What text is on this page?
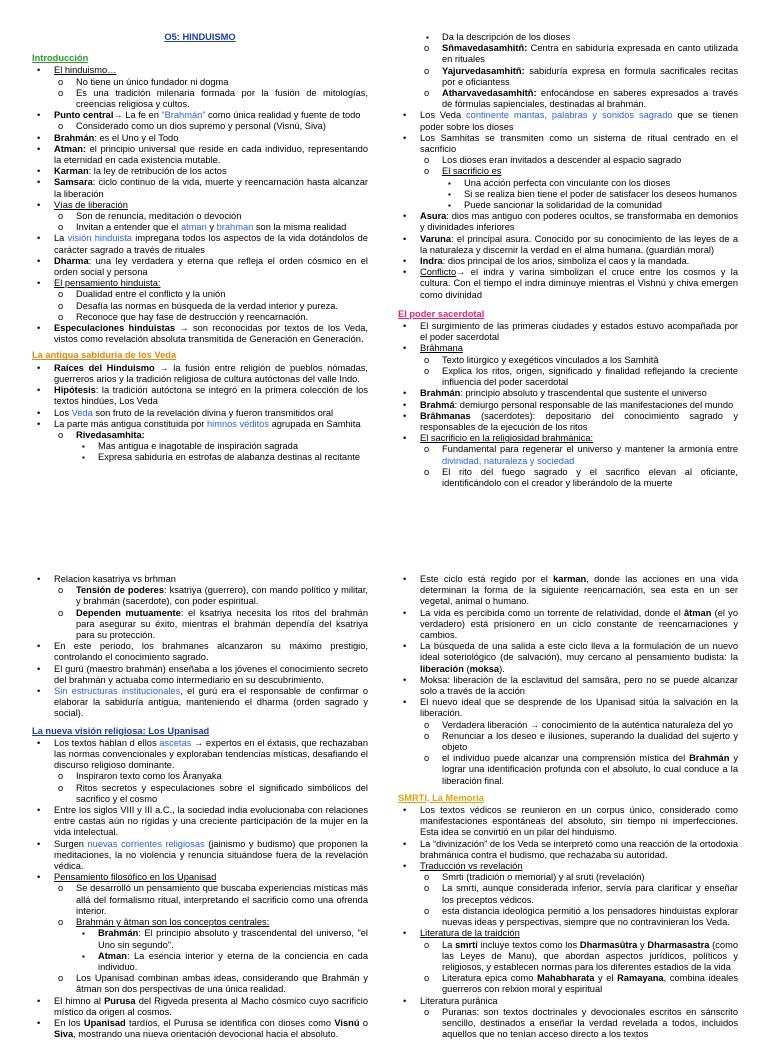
O5: HINDUISMO
Introducción
• El hinduismo…
o No tiene un único fundador ni dogma
o Es una tradición milenaria formada por la fusión de mitologías, creencias religiosa y cultos.
• Punto central→ La fe en “Brahmán” como única realidad y fuente de todo
o Considerado como un dios supremo y personal (Visnú, Siva)
• Brahmán: es el Uno y el Todo
• Atman: el principio universal que reside en cada individuo, representando la eternidad en cada existencia mutable.
• Karman: la ley de retribución de los actos
• Samsara: ciclo continuo de la vida, muerte y reencarnación hasta alcanzar la liberación
• Vías de liberación
o Son de renuncia, meditación o devoción
o Invitan a entender que el atman y brahman son la misma realidad
• La visión hinduista impregana todos los aspectos de la vida dotándolos de carácter sagrado a través de rituales
• Dharma: una ley verdadera y eterna que refleja el orden cósmico en el orden social y persona
• El pensamiento hinduista:
o Dualidad entre el conflicto y la unión
o Desafía las normas en búsqueda de la verdad interior y pureza.
o Reconoce que hay fase de destrucción y reencarnación.
• Especulaciones hinduistas → son reconocidas por textos de los Veda, vistos como revelación absoluta transmitida de Generación en Generación.
La antigua sabiduría de los Veda
• Raíces del Hinduismo → la fusión entre religión de pueblos nómadas, guerreros arios y la tradición religiosa de cultura autóctonas del valle Indo.
• Hipótesis: la tradición autóctona se integró en la primera colección de los textos hindúes, Los Veda
• Los Veda son fruto de la revelación divina y fueron transmitidos oral
• La parte más antigua constituida por himnos véditos agrupada en Samhita
o Rivedasamhita:
▪ Mas antigua e inagotable de inspiración sagrada
▪ Expresa sabiduría en estrofas de alabanza destinas al recitante
▪ Da la descripción de los dioses
o Sñmavedasamhitñ: Centra en sabiduría expresada en canto utilizada en rituales
o Yajurvedasamhitñ: sabiduría expresa en formula sacrificales recitas por e oficiantess
o Atharvavedasamhitñ: enfocándose en saberes expresados a través de fórmulas sapienciales, destinadas al brahmán.
• Los Veda continente mantas, palabras y sonidos sagrado que se tienen poder sobre los dioses
• Los Samhitas se transmiten como un sistema de ritual centrado en el sacrificio
o Los dioses eran invitados a descender al espacio sagrado
o El sacrificio es
▪ Una acción perfecta con vinculante con los dioses
▪ Si se realiza bien tiene el poder de satisfacer los deseos humanos
▪ Puede sancionar la solidaridad de la comunidad
• Asura: dios mas antiguo con poderes ocultos, se transformaba en demonios y divinidades inferiores
• Varuna: el principal asura. Conocido por su conocimiento de las leyes de a la naturaleza y discernir la verdad en el alma humana. (guardián moral)
• Indra: dios principal de los arios, simboliza el caos y la mandada.
• Conflicto→ el indra y varina simbolizan el cruce entre los cosmos y la cultura. Con el tiempo el indra diminuye mientras el Vishnú y chiva emergen como divinidad
El poder sacerdotal
• El surgimiento de las primeras ciudades y estados estuvo acompañada por el poder sacerdotal
• Brâhmana
o Texto litúrgico y exegéticos vinculados a los Samhitâ
o Explica los ritos, origen, significado y finalidad reflejando la creciente influencia del poder sacerdotal
• Brahmán: principio absoluto y trascendental que sustente el universo
• Brahmá: demiurgo personal responsable de las manifestaciones del mundo
• Brâhmanas (sacerdotes): depositario del conocimiento sagrado y responsables de la ejecución de los ritos
• El sacrificio en la religiosidad brahmánica:
o Fundamental para regenerar el universo y mantener la armonía entre divinidad, naturaleza y sociedad
o El rito del fuego sagrado y el sacrifico elevan al oficiante, identificándolo con el creador y liberándolo de la muerte
• Relacion kasatriya vs brhman
o Tensión de poderes: ksatriya (guerrero), con mando político y militar, y brahmán (sacerdote), con poder espiritual.
o Dependen mutuamente: el ksatriya necesita los ritos del brahmán para asegurar su éxito, mientras el brahmán dependía del ksatriya para su protección.
• En este periodo, los brahmanes alcanzaron su máximo prestigio, controlando el conocimiento sagrado.
• El gurú (maestro brahmán) enseñaba a los jóvenes el conocimiento secreto del brahmán y actuaba como intermediario en su descubrimiento.
• Sin estructuras institucionales, el gurú era el responsable de confirmar o elaborar la sabiduría antigua, manteniendo el dharma (orden sagrado y social).
La nueva visión religiosa: Los Upanisad
• Los textos hablan d ellos ascetas → expertos en el éxtasis, que rechazaban las normas convencionales y exploraban tendencias místicas, desafiando el discurso religioso dominante.
o Inspiraron texto como los Âranyaka
o Ritos secretos y especulaciones sobre el significado simbólicos del sacrifico y el cosmo
• Entre los siglos VIII y III a.C., la sociedad india evolucionaba con relaciones entre castas aún no rígidas y una creciente participación de la mujer en la vida intelectual.
• Surgen nuevas corrientes religiosas (jainismo y budismo) que proponen la meditaciones, la no violencia y renuncia situándose fuera de la revelación védica.
• Pensamiento filosófico en los Upanisad
o Se desarrolló un pensamiento que buscaba experiencias místicas más allá del formalismo ritual, interpretando el sacrificio como una ofrenda interior.
o Brahmán y âtman son los conceptos centrales:
▪ Brahmán: El principio absoluto y trascendental del universo, "el Uno sin segundo".
▪ Atman: La esencia interior y eterna de la conciencia en cada individuo.
o Los Upanisad combinan ambas ideas, considerando que Brahmán y âtman son dos perspectivas de una única realidad.
• El himno al Purusa del Rigveda presenta al Macho cósmico cuyo sacrificio místico da origen al cosmos.
• En los Upanisad tardíos, el Purusa se identifica con dioses como Visnú o Siva, mostrando una nueva orientación devocional hacia el absoluto.
• Este ciclo está regido por el karman, donde las acciones en una vida determinan la forma de la siguiente reencarnación, sea esta en un ser vegetal, animal o humano.
• La vida es percibida como un torrente de relatividad, donde el âtman (el yo verdadero) está prisionero en un ciclo constante de reencarnaciones y cambios.
• La búsqueda de una salida a este ciclo lleva a la formulación de un nuevo ideal soteriológico (de salvación), muy cercano al pensamiento budista: la liberación (moksa).
• Moksa: liberación de la esclavitud del samsâra, pero no se puede alcanzar solo a través de la acción
• El nuevo ideal que se desprende de los Upanisad sitúa la salvación en la liberación.
o Verdadera liberación → conocimiento de la auténtica naturaleza del yo
o Renunciar a los deseo e ilusiones, superando la dualidad del sujerto y objeto
o el individuo puede alcanzar una comprensión mística del Brahmán y lograr una identificación profunda con el absoluto, lo cual conduce a la liberación final.
SMRTI, La Memoria
• Los textos védicos se reunieron en un corpus único, considerado como manifestaciones espontáneas del absoluto, sin tiempo ni imperfecciones. Esta idea se convirtió en un pilar del hinduismo.
• La “divinización” de los Veda se interpretó como una reacción de la ortodoxia brahmánica contra el budismo, que rechazaba su autoridad.
• Traducción vs revelación
o Smrti (tradición o memorial) y al sruti (revelación)
o La smrti, aunque considerada inferior, servía para clarificar y enseñar los preceptos védicos.
o esta distancia ideológica permitió a los pensadores hinduistas explorar nuevas ideas y perspectivas, siempre que no contravinieran los Veda.
• Literatura de la traidción
o La smrti incluye textos como los Dharmasûtra y Dharmasastra (como las Leyes de Manu), que abordan aspectos jurídicos, políticos y religiosos, y establecen normas para los diferentes estadios de la vida
o Literatura epica como Mahabharata y el Ramayana, combina ideales guerreros con relxion moral y espiritual
• Literatura purânica
o Puranas: son textos doctrinales y devocionales escritos en sánscrito sencillo, destinados a enseñar la verdad revelada a todos, incluidos aquellos que no tenían acceso directo a los textos
